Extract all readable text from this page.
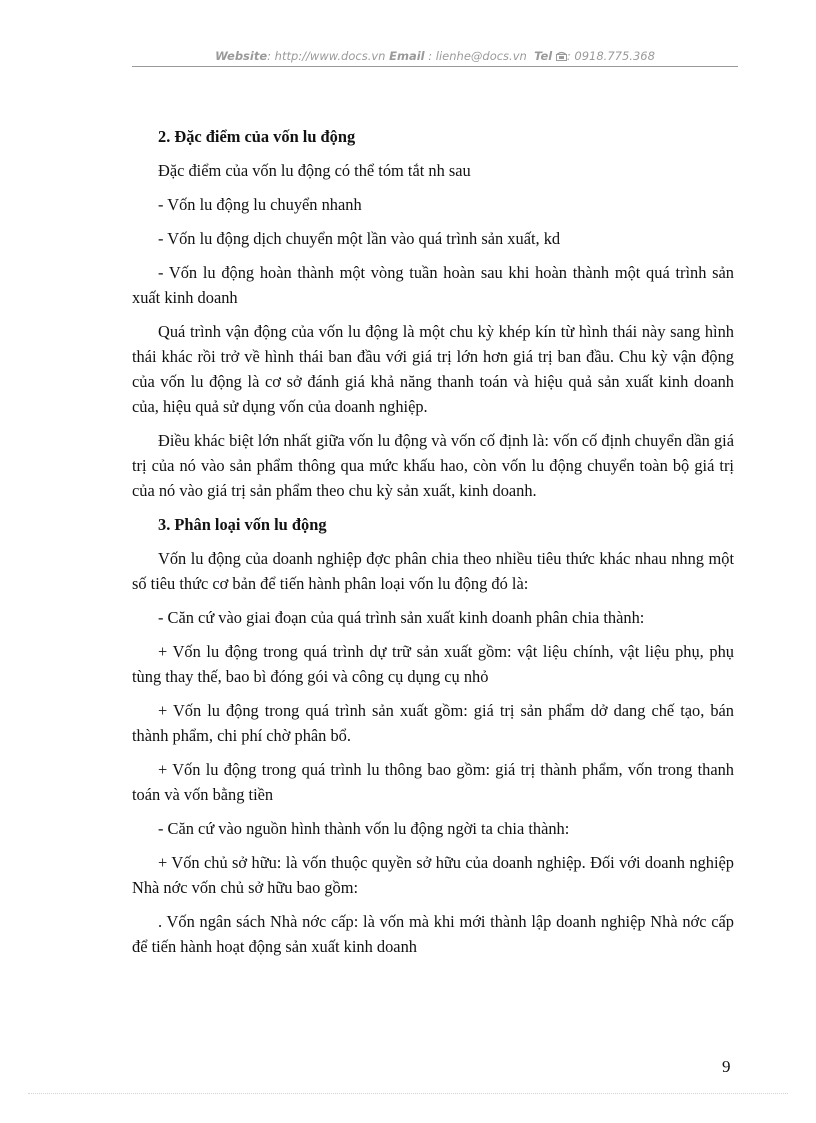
Website: http://www.docs.vn Email : lienhe@docs.vn Tel : 0918.775.368
2. Đặc điểm của vốn lu động

Đặc điểm của vốn lu động có thể tóm tắt nh sau

- Vốn lu động lu chuyển nhanh

- Vốn lu động dịch chuyển một lần vào quá trình sản xuất, kd

- Vốn lu động hoàn thành một vòng tuần hoàn sau khi hoàn thành một quá trình sản xuất kinh doanh

Quá trình vận động của vốn lu động là một chu kỳ khép kín từ hình thái này sang hình thái khác rồi trở về hình thái ban đầu với giá trị lớn hơn giá trị ban đầu. Chu kỳ vận động của vốn lu động là cơ sở đánh giá khả năng thanh toán và hiệu quả sản xuất kinh doanh của, hiệu quả sử dụng vốn của doanh nghiệp.

Điều khác biệt lớn nhất giữa vốn lu động và vốn cố định là: vốn cố định chuyển dần giá trị của nó vào sản phẩm thông qua mức khấu hao, còn vốn lu động chuyển toàn bộ giá trị của nó vào giá trị sản phẩm theo chu kỳ sản xuất, kinh doanh.

3. Phân loại vốn lu động

Vốn lu động của doanh nghiệp đợc phân chia theo nhiều tiêu thức khác nhau nhng một số tiêu thức cơ bản để tiến hành phân loại vốn lu động đó là:

- Căn cứ vào giai đoạn của quá trình sản xuất kinh doanh phân chia thành:

+ Vốn lu động trong quá trình dự trữ sản xuất gồm: vật liệu chính, vật liệu phụ, phụ tùng thay thế, bao bì đóng gói và công cụ dụng cụ nhỏ

+ Vốn lu động trong quá trình sản xuất gồm: giá trị sản phẩm dở dang chế tạo, bán thành phẩm, chi phí chờ phân bổ.

+ Vốn lu động trong quá trình lu thông bao gồm: giá trị thành phẩm, vốn trong thanh toán và vốn bằng tiền

- Căn cứ vào nguồn hình thành vốn lu động ngời ta chia thành:

+ Vốn chủ sở hữu: là vốn thuộc quyền sở hữu của doanh nghiệp. Đối với doanh nghiệp Nhà nớc vốn chủ sở hữu bao gồm:

. Vốn ngân sách Nhà nớc cấp: là vốn mà khi mới thành lập doanh nghiệp Nhà nớc cấp để tiến hành hoạt động sản xuất kinh doanh

9
